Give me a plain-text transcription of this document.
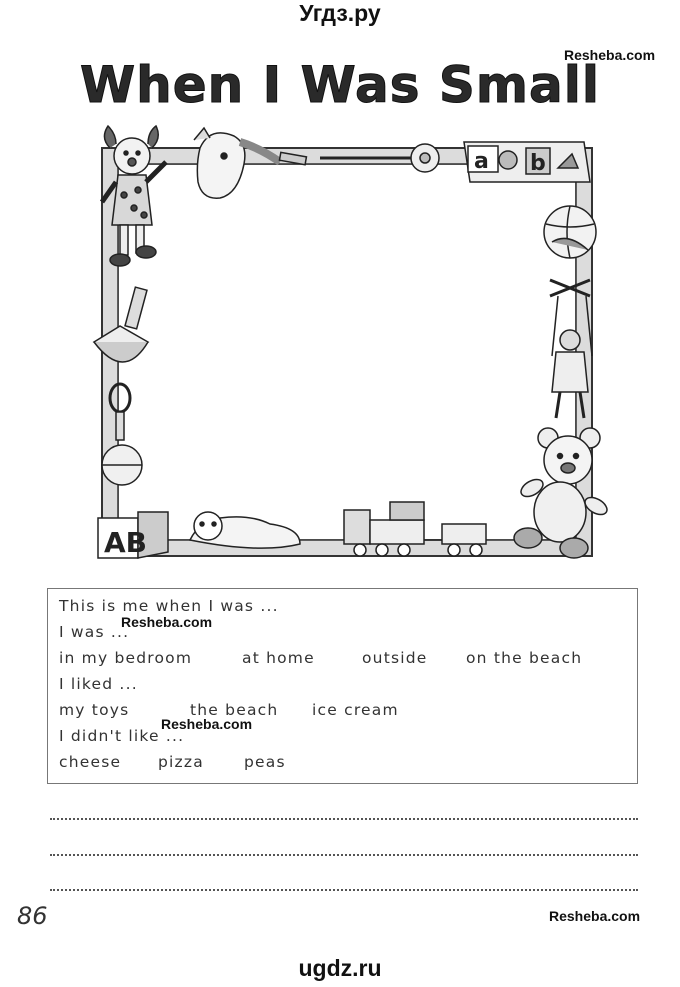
Угдз.ру
Resheba.com
When I Was Small
a b
AB
This is me when I was ...
I was ...
Resheba.com
in my bedroom	at home	outside on the beach
I liked ...
my toys	the beach ice cream
Resheba.com
I didn't like ...
cheese pizza	peas
86	Resheba.com
ugdz.ru
